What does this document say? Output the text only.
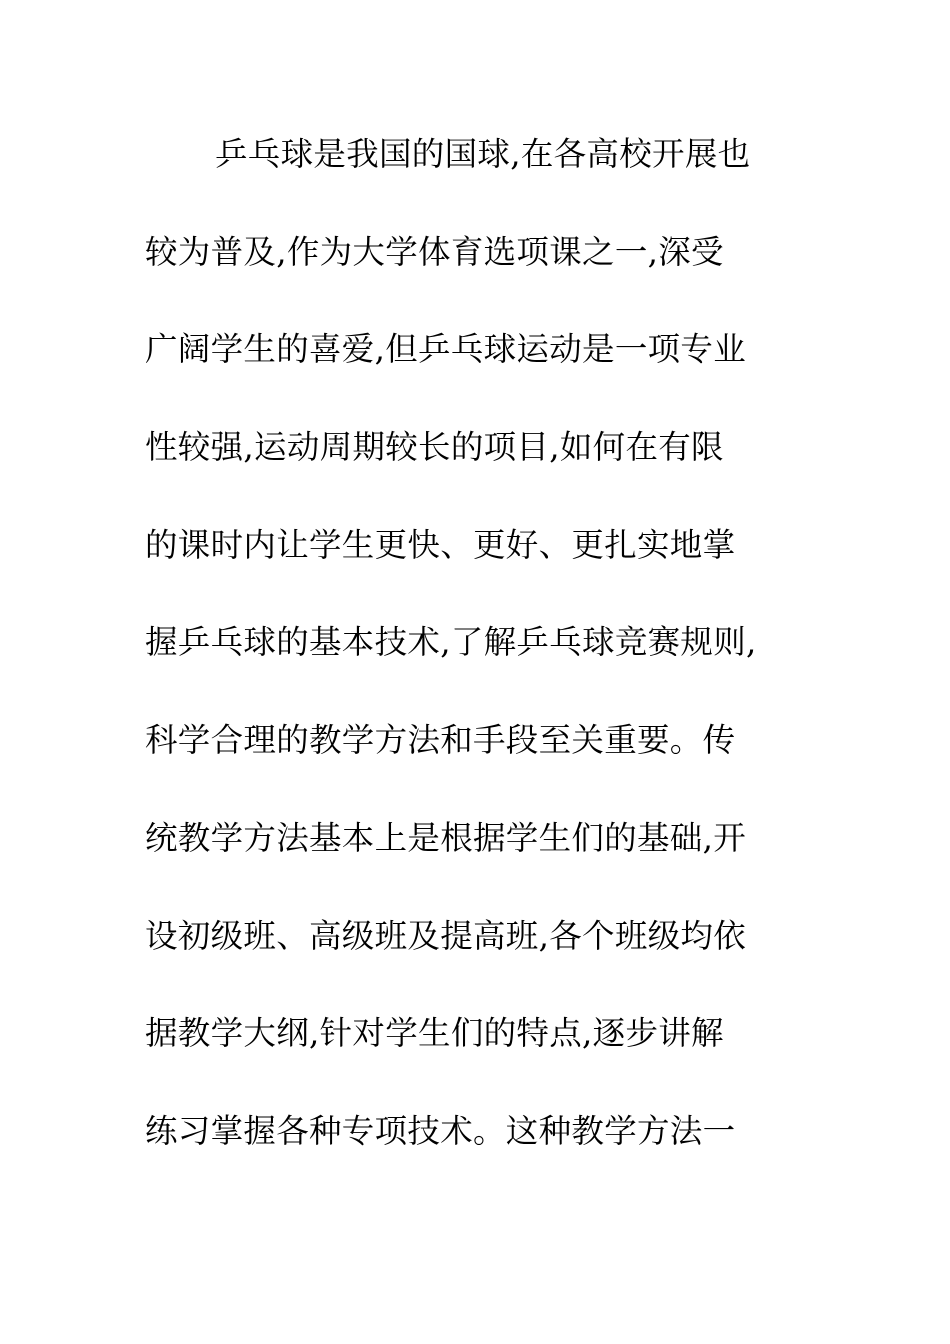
乒乓球是我国的国球,在各高校开展也
较为普及,作为大学体育选项课之一,深受
广阔学生的喜爱,但乒乓球运动是一项专业
性较强,运动周期较长的项目,如何在有限
的课时内让学生更快、更好、更扎实地掌
握乒乓球的基本技术,了解乒乓球竞赛规则,
科学合理的教学方法和手段至关重要。传
统教学方法基本上是根据学生们的基础,开
设初级班、高级班及提高班,各个班级均依
据教学大纲,针对学生们的特点,逐步讲解
练习掌握各种专项技术。这种教学方法一
